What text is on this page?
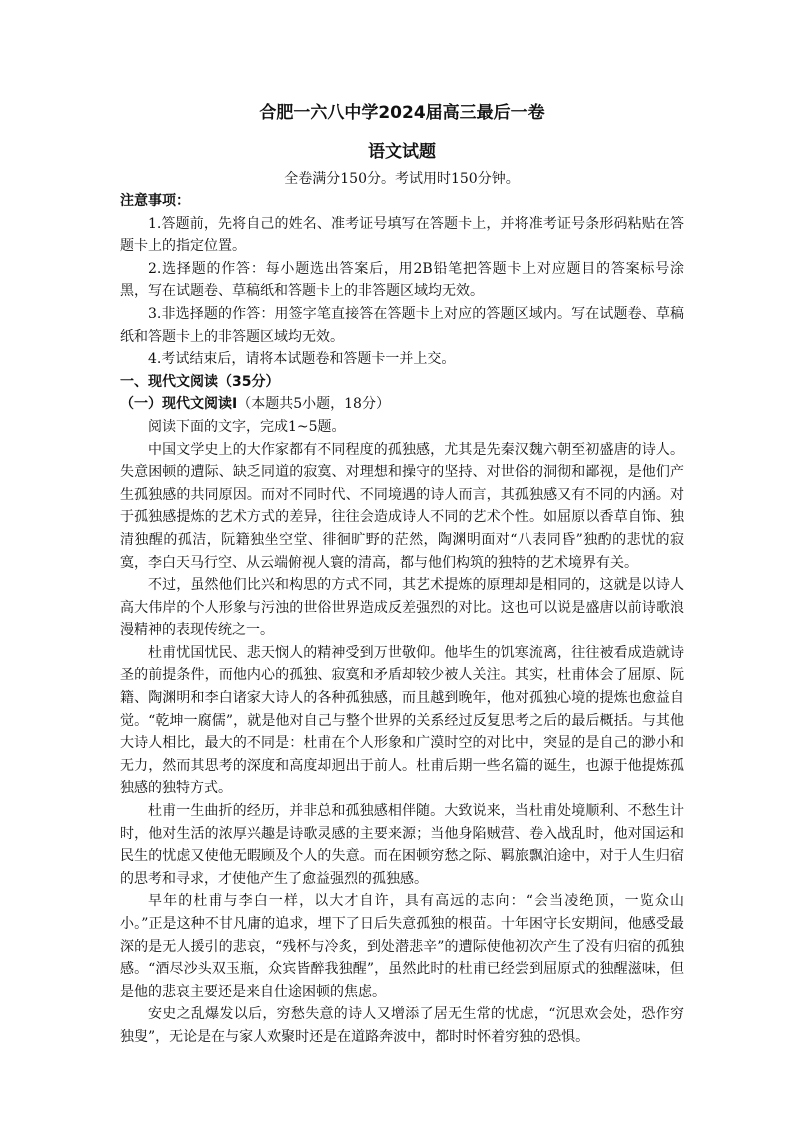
合肥一六八中学2024届高三最后一卷
语文试题
全卷满分150分。考试用时150分钟。
注意事项：
1.答题前，先将自己的姓名、准考证号填写在答题卡上，并将准考证号条形码粘贴在答题卡上的指定位置。
2.选择题的作答：每小题选出答案后，用2B铅笔把答题卡上对应题目的答案标号涂黑，写在试题卷、草稿纸和答题卡上的非答题区域均无效。
3.非选择题的作答：用签字笔直接答在答题卡上对应的答题区域内。写在试题卷、草稿纸和答题卡上的非答题区域均无效。
4.考试结束后，请将本试题卷和答题卡一并上交。
一、现代文阅读（35分）
（一）现代文阅读Ⅰ（本题共5小题，18分）
阅读下面的文字，完成1~5题。
中国文学史上的大作家都有不同程度的孤独感，尤其是先秦汉魏六朝至初盛唐的诗人。失意困顿的遭际、缺乏同道的寂寞、对理想和操守的坚持、对世俗的洞彻和鄙视，是他们产生孤独感的共同原因。而对不同时代、不同境遇的诗人而言，其孤独感又有不同的内涵。对于孤独感提炼的艺术方式的差异，往往会造成诗人不同的艺术个性。如屈原以香草自饰、独清独醒的孤洁，阮籍独坐空堂、徘徊旷野的茫然，陶渊明面对“八表同昏”独酌的悲忧的寂寞，李白天马行空、从云端俯视人寰的清高，都与他们构筑的独特的艺术境界有关。
不过，虽然他们比兴和构思的方式不同，其艺术提炼的原理却是相同的，这就是以诗人高大伟岸的个人形象与污浊的世俗世界造成反差强烈的对比。这也可以说是盛唐以前诗歌浪漫精神的表现传统之一。
杜甫忧国忧民、悲天悯人的精神受到万世敬仰。他毕生的饥寒流离，往往被看成造就诗圣的前提条件，而他内心的孤独、寂寞和矛盾却较少被人关注。其实，杜甫体会了屈原、阮籍、陶渊明和李白诸家大诗人的各种孤独感，而且越到晚年，他对孤独心境的提炼也愈益自觉。“乾坤一腐儒”，就是他对自己与整个世界的关系经过反复思考之后的最后概括。与其他大诗人相比，最大的不同是：杜甫在个人形象和广漠时空的对比中，突显的是自己的渺小和无力，然而其思考的深度和高度却迥出于前人。杜甫后期一些名篇的诞生，也源于他提炼孤独感的独特方式。
杜甫一生曲折的经历，并非总和孤独感相伴随。大致说来，当杜甫处境顺利、不愁生计时，他对生活的浓厚兴趣是诗歌灵感的主要来源；当他身陷贼营、卷入战乱时，他对国运和民生的忧虑又使他无暇顾及个人的失意。而在困顿穷愁之际、羁旅飘泊途中，对于人生归宿的思考和寻求，才使他产生了愈益强烈的孤独感。
早年的杜甫与李白一样，以大才自许，具有高远的志向：“会当凌绝顶，一览众山小。”正是这种不甘凡庸的追求，埋下了日后失意孤独的根苗。十年困守长安期间，他感受最深的是无人援引的悲哀，“残杯与冷炙，到处潜悲辛”的遭际使他初次产生了没有归宿的孤独感。“酒尽沙头双玉瓶，众宾皆醉我独醒”，虽然此时的杜甫已经尝到屈原式的独醒滋味，但是他的悲哀主要还是来自仕途困顿的焦虑。
安史之乱爆发以后，穷愁失意的诗人又增添了居无生常的忧虑，“沉思欢会处，恐作穷独叟”，无论是在与家人欢聚时还是在道路奔波中，都时时怀着穷独的恐惧。
